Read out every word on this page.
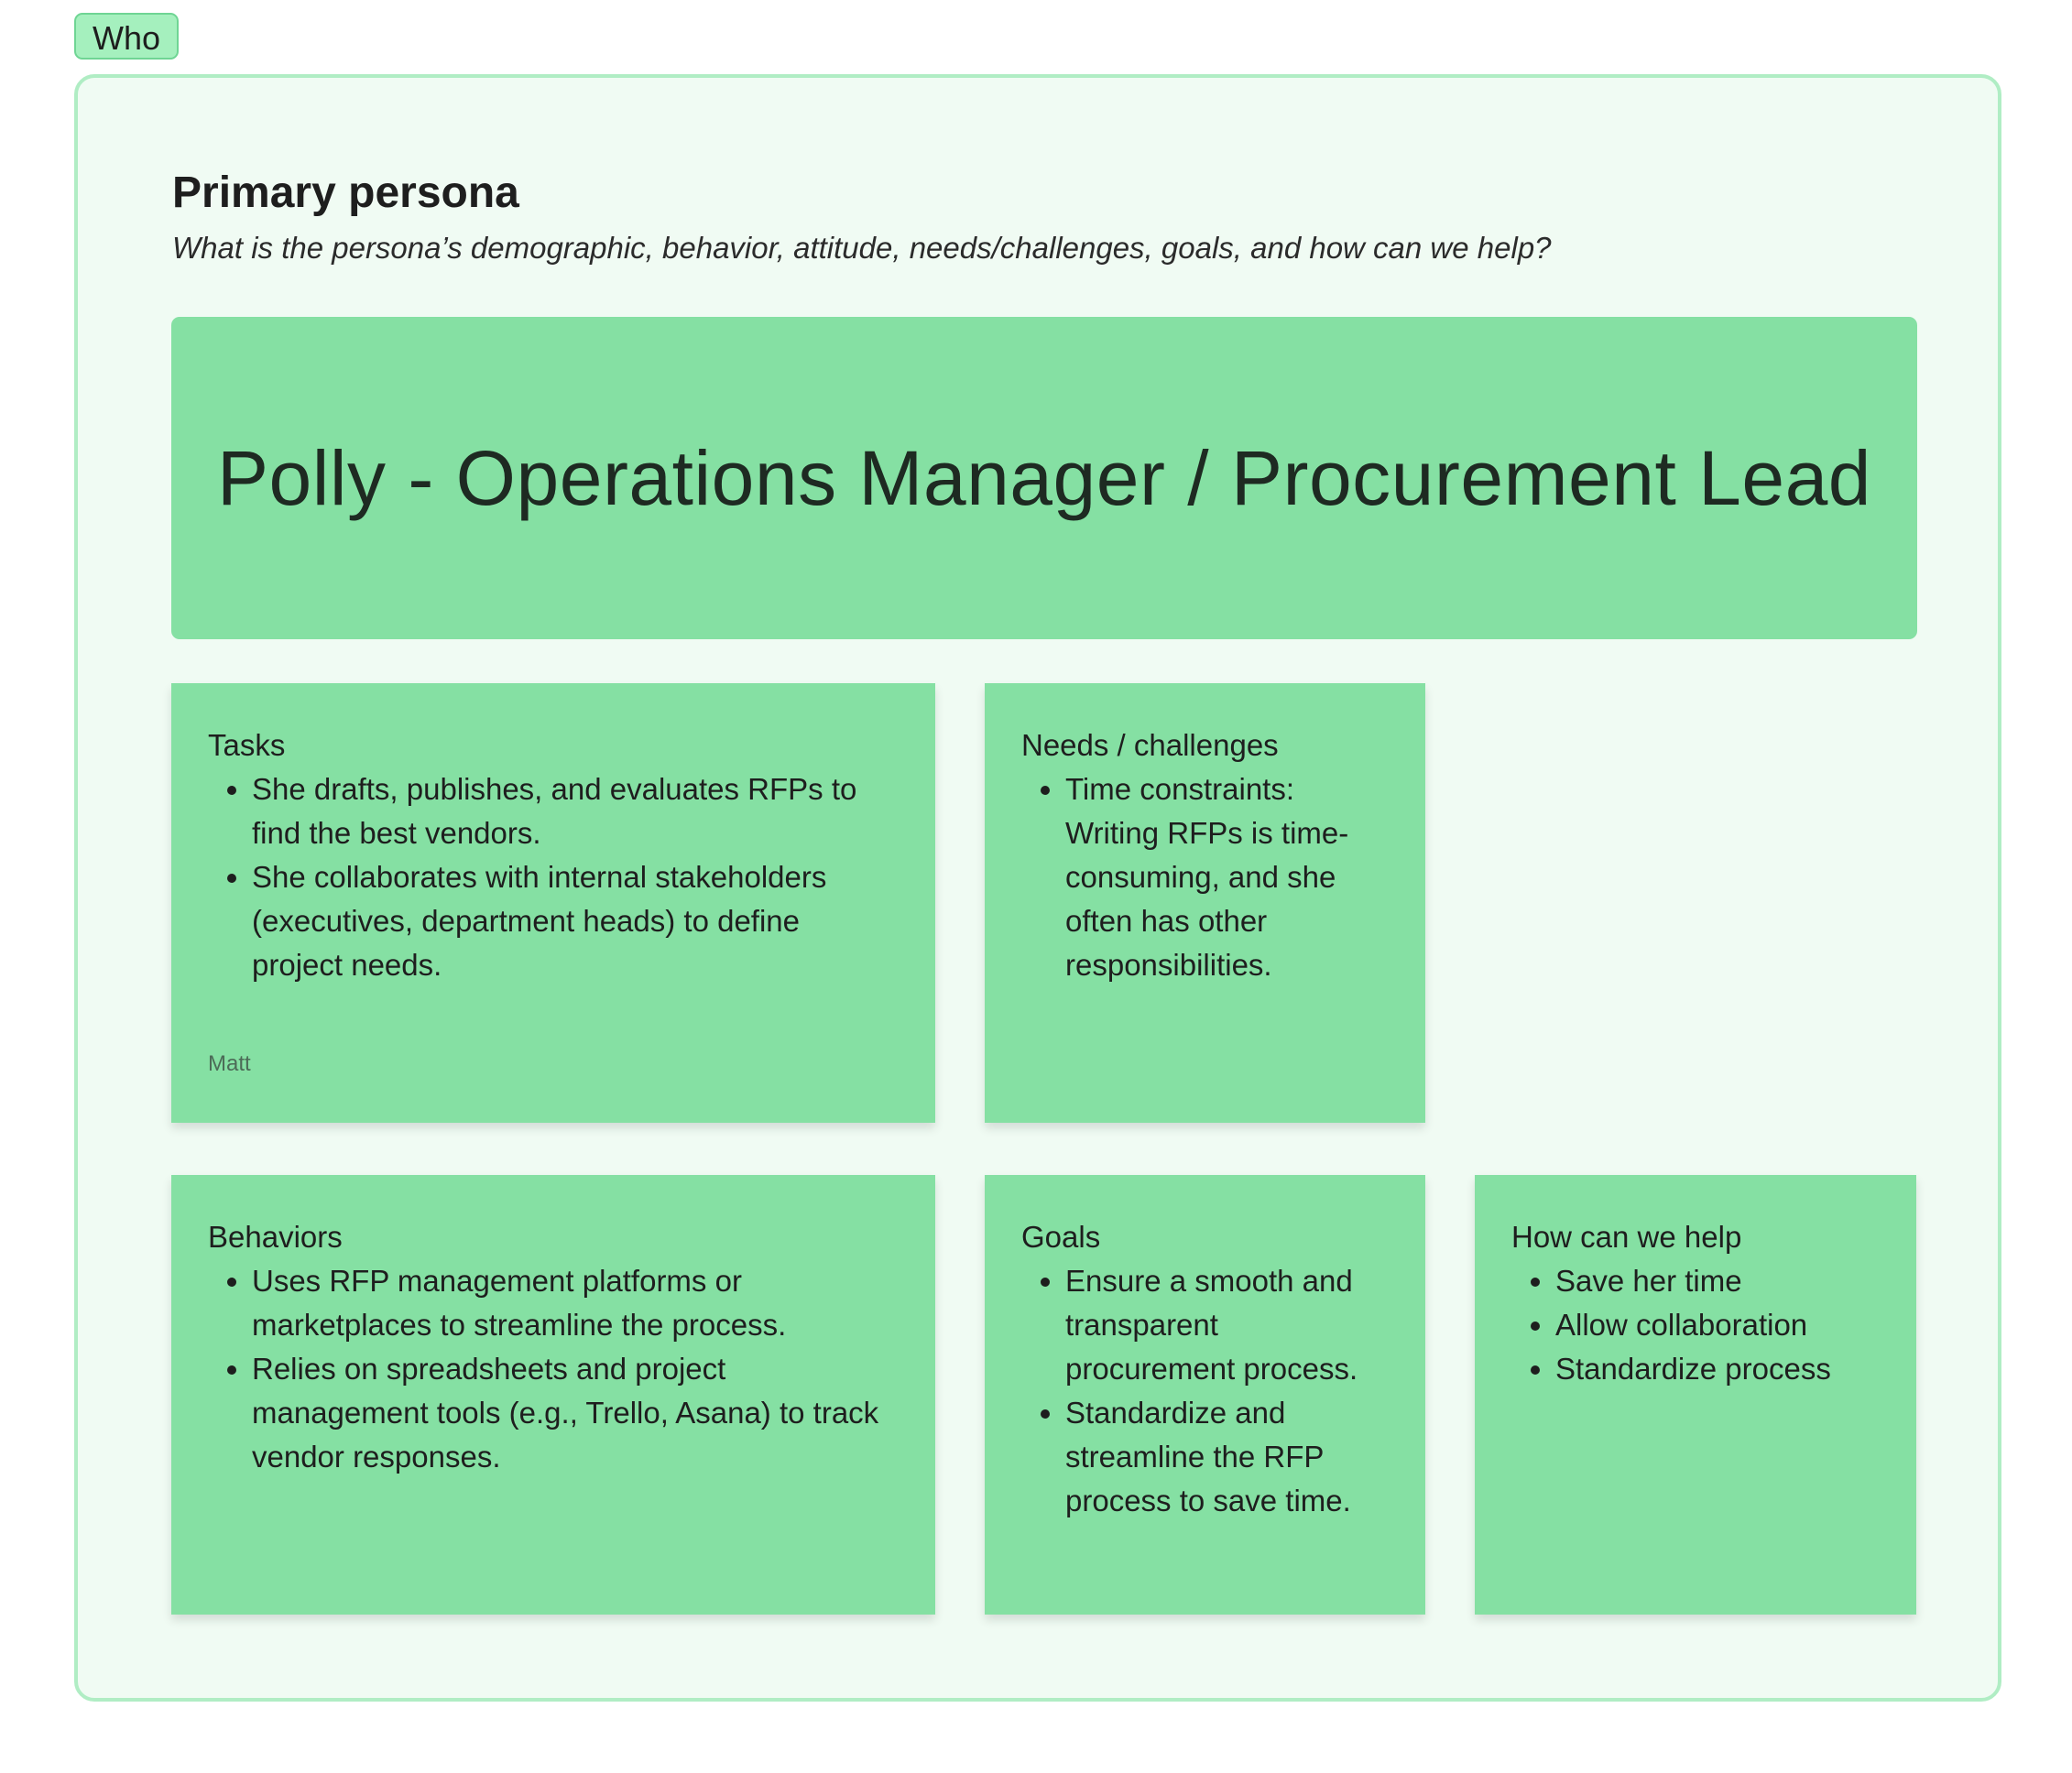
Who
Primary persona

What is the persona’s demographic, behavior, attitude, needs/challenges, goals, and how can we help?

Polly - Operations Manager / Procurement Lead
Tasks
• She drafts, publishes, and evaluates RFPs to find the best vendors.
• She collaborates with internal stakeholders (executives, department heads) to define project needs.
Matt
Needs / challenges
• Time constraints: Writing RFPs is time-consuming, and she often has other responsibilities.
Behaviors
• Uses RFP management platforms or marketplaces to streamline the process.
• Relies on spreadsheets and project management tools (e.g., Trello, Asana) to track vendor responses.
Goals
• Ensure a smooth and transparent procurement process.
• Standardize and streamline the RFP process to save time.
How can we help
• Save her time
• Allow collaboration
• Standardize process
